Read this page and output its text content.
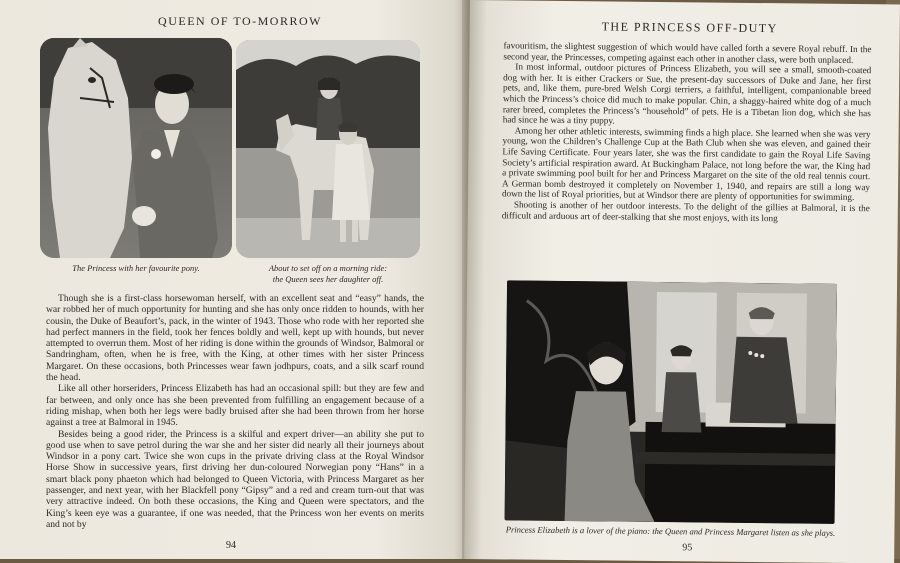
QUEEN OF TO-MORROW
The Princess with her favourite pony.	About to set off on a morning ride:
the Queen sees her daughter off.

Though she is a first-class horsewoman herself, with an excellent seat and “easy” hands, the war robbed her of much opportunity for hunting and she has only once ridden to hounds, with her cousin, the Duke of Beaufort’s, pack, in the winter of 1943. Those who rode with her reported she had perfect manners in the field, took her fences boldly and well, kept up with hounds, but never attempted to overrun them. Most of her riding is done within the grounds of Windsor, Balmoral or Sandringham, often, when he is free, with the King, at other times with her sister Princess Margaret. On these occasions, both Princesses wear fawn jodhpurs, coats, and a silk scarf round the head.

Like all other horseriders, Princess Elizabeth has had an occasional spill: but they are few and far between, and only once has she been prevented from fulfilling an engagement because of a riding mishap, when both her legs were badly bruised after she had been thrown from her horse against a tree at Balmoral in 1945.

Besides being a good rider, the Princess is a skilful and expert driver—an ability she put to good use when to save petrol during the war she and her sister did nearly all their journeys about Windsor in a pony cart. Twice she won cups in the private driving class at the Royal Windsor Horse Show in successive years, first driving her dun-coloured Norwegian pony “Hans” in a smart black pony phaeton which had belonged to Queen Victoria, with Princess Margaret as her passenger, and next year, with her Blackfell pony “Gipsy” and a red and cream turn-out that was very attractive indeed. On both these occasions, the King and Queen were spectators, and the King’s keen eye was a guarantee, if one was needed, that the Princess won her events on merits and not by

94
THE PRINCESS OFF-DUTY

favouritism, the slightest suggestion of which would have called forth a severe Royal rebuff. In the second year, the Princesses, competing against each other in another class, were both unplaced.

In most informal, outdoor pictures of Princess Elizabeth, you will see a small, smooth-coated dog with her. It is either Crackers or Sue, the present-day successors of Duke and Jane, her first pets, and, like them, pure-bred Welsh Corgi terriers, a faithful, intelligent, companionable breed which the Princess’s choice did much to make popular. Chin, a shaggy-haired white dog of a much rarer breed, completes the Princess’s “household” of pets. He is a Tibetan lion dog, which she has had since he was a tiny puppy.

Among her other athletic interests, swimming finds a high place. She learned when she was very young, won the Children’s Challenge Cup at the Bath Club when she was eleven, and gained their Life Saving Certificate. Four years later, she was the first candidate to gain the Royal Life Saving Society’s artificial respiration award. At Buckingham Palace, not long before the war, the King had a private swimming pool built for her and Princess Margaret on the site of the old real tennis court. A German bomb destroyed it completely on November 1, 1940, and repairs are still a long way down the list of Royal priorities, but at Windsor there are plenty of opportunities for swimming.

Shooting is another of her outdoor interests. To the delight of the gillies at Balmoral, it is the difficult and arduous art of deer-stalking that she most enjoys, with its long

Princess Elizabeth is a lover of the piano: the Queen and Princess Margaret listen as she plays.
95
